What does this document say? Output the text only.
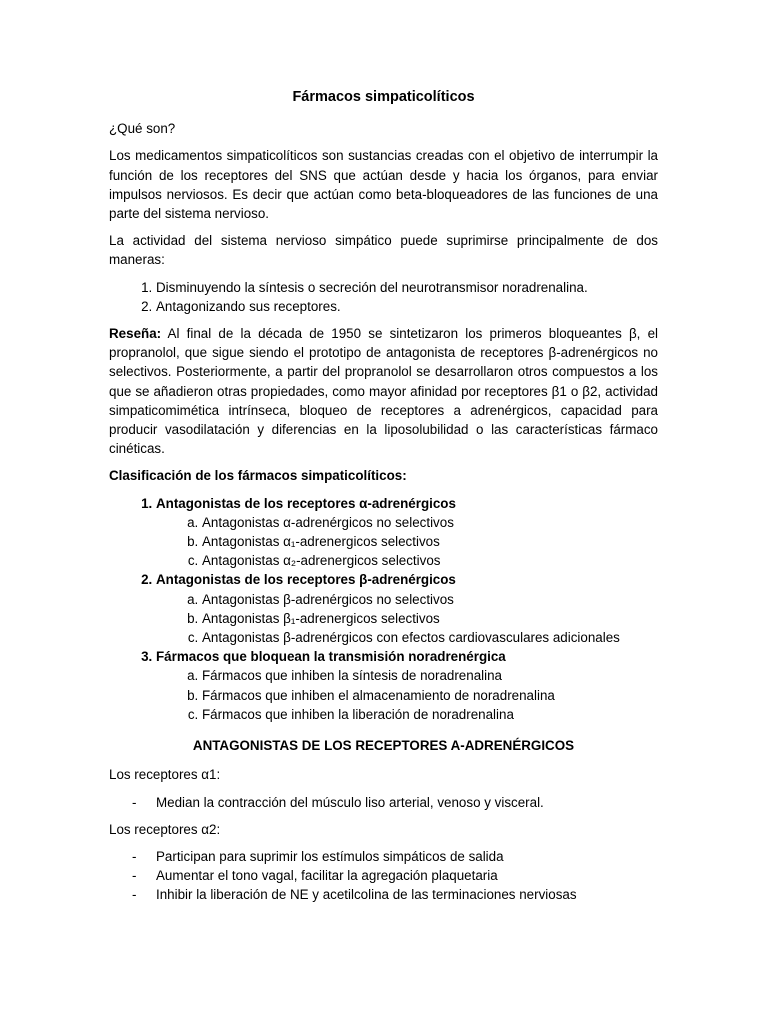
Fármacos simpaticolíticos

¿Qué son?

Los medicamentos simpaticolíticos son sustancias creadas con el objetivo de interrumpir la función de los receptores del SNS que actúan desde y hacia los órganos, para enviar impulsos nerviosos. Es decir que actúan como beta-bloqueadores de las funciones de una parte del sistema nervioso.

La actividad del sistema nervioso simpático puede suprimirse principalmente de dos maneras:

1. Disminuyendo la síntesis o secreción del neurotransmisor noradrenalina.
2. Antagonizando sus receptores.

Reseña: Al final de la década de 1950 se sintetizaron los primeros bloqueantes β, el propranolol, que sigue siendo el prototipo de antagonista de receptores β-adrenérgicos no selectivos. Posteriormente, a partir del propranolol se desarrollaron otros compuestos a los que se añadieron otras propiedades, como mayor afinidad por receptores β1 o β2, actividad simpaticomimética intrínseca, bloqueo de receptores a adrenérgicos, capacidad para producir vasodilatación y diferencias en la liposolubilidad o las características fármaco cinéticas.

Clasificación de los fármacos simpaticolíticos:

1. Antagonistas de los receptores α-adrenérgicos
a. Antagonistas α-adrenérgicos no selectivos
b. Antagonistas α₁-adrenergicos selectivos
c. Antagonistas α₂-adrenergicos selectivos
2. Antagonistas de los receptores β-adrenérgicos
a. Antagonistas β-adrenérgicos no selectivos
b. Antagonistas β₁-adrenergicos selectivos
c. Antagonistas β-adrenérgicos con efectos cardiovasculares adicionales
3. Fármacos que bloquean la transmisión noradrenérgica
a. Fármacos que inhiben la síntesis de noradrenalina
b. Fármacos que inhiben el almacenamiento de noradrenalina
c. Fármacos que inhiben la liberación de noradrenalina
ANTAGONISTAS DE LOS RECEPTORES A-ADRENÉRGICOS

Los receptores α1:

- Median la contracción del músculo liso arterial, venoso y visceral.

Los receptores α2:

- Participan para suprimir los estímulos simpáticos de salida
- Aumentar el tono vagal, facilitar la agregación plaquetaria
- Inhibir la liberación de NE y acetilcolina de las terminaciones nerviosas
